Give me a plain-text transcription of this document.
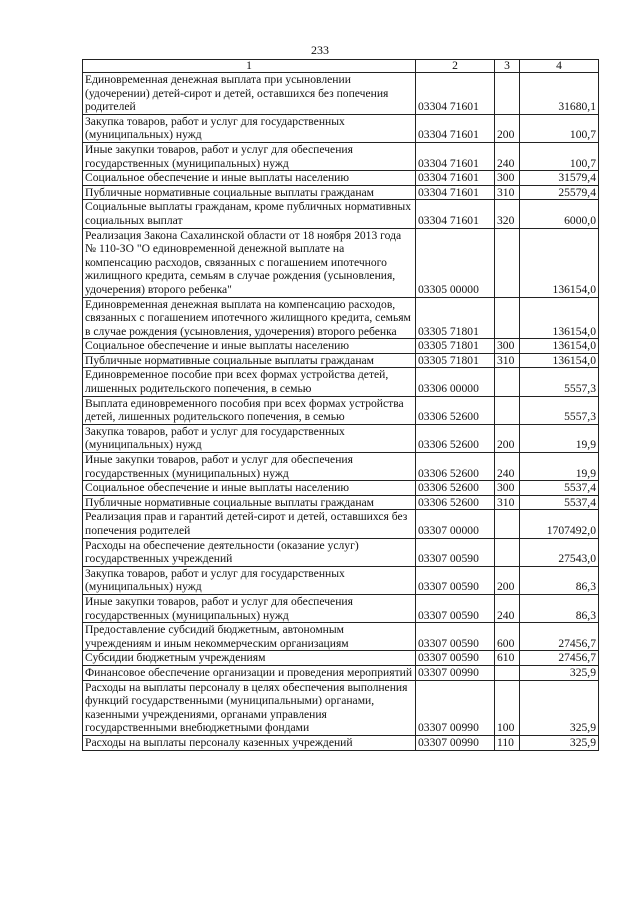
233
1	2	3	4
Единовременная денежная выплата при усыновлении (удочерении) детей-сирот и детей, оставшихся без попечения родителей	03304 71601		31680,1
Закупка товаров, работ и услуг для государственных (муниципальных) нужд	03304 71601	200	100,7
Иные закупки товаров, работ и услуг для обеспечения государственных (муниципальных) нужд	03304 71601	240	100,7
Социальное обеспечение и иные выплаты населению	03304 71601	300	31579,4
Публичные нормативные социальные выплаты гражданам	03304 71601	310	25579,4
Социальные выплаты гражданам, кроме публичных нормативных социальных выплат	03304 71601	320	6000,0
Реализация Закона Сахалинской области от 18 ноября 2013 года № 110-ЗО "О единовременной денежной выплате на компенсацию расходов, связанных с погашением ипотечного жилищного кредита, семьям в случае рождения (усыновления, удочерения) второго ребенка"	03305 00000		136154,0
Единовременная денежная выплата на компенсацию расходов, связанных с погашением ипотечного жилищного кредита, семьям в случае рождения (усыновления, удочерения) второго ребенка	03305 71801		136154,0
Социальное обеспечение и иные выплаты населению	03305 71801	300	136154,0
Публичные нормативные социальные выплаты гражданам	03305 71801	310	136154,0
Единовременное пособие при всех формах устройства детей, лишенных родительского попечения, в семью	03306 00000		5557,3
Выплата единовременного пособия при всех формах устройства детей, лишенных родительского попечения, в семью	03306 52600		5557,3
Закупка товаров, работ и услуг для государственных (муниципальных) нужд	03306 52600	200	19,9
Иные закупки товаров, работ и услуг для обеспечения государственных (муниципальных) нужд	03306 52600	240	19,9
Социальное обеспечение и иные выплаты населению	03306 52600	300	5537,4
Публичные нормативные социальные выплаты гражданам	03306 52600	310	5537,4
Реализация прав и гарантий детей-сирот и детей, оставшихся без попечения родителей	03307 00000		1707492,0
Расходы на обеспечение деятельности (оказание услуг) государственных учреждений	03307 00590		27543,0
Закупка товаров, работ и услуг для государственных (муниципальных) нужд	03307 00590	200	86,3
Иные закупки товаров, работ и услуг для обеспечения государственных (муниципальных) нужд	03307 00590	240	86,3
Предоставление субсидий бюджетным, автономным учреждениям и иным некоммерческим организациям	03307 00590	600	27456,7
Субсидии бюджетным учреждениям	03307 00590	610	27456,7
Финансовое обеспечение организации и проведения мероприятий	03307 00990		325,9
Расходы на выплаты персоналу в целях обеспечения выполнения функций государственными (муниципальными) органами, казенными учреждениями, органами управления государственными внебюджетными фондами	03307 00990	100	325,9
Расходы на выплаты персоналу казенных учреждений	03307 00990	110	325,9
